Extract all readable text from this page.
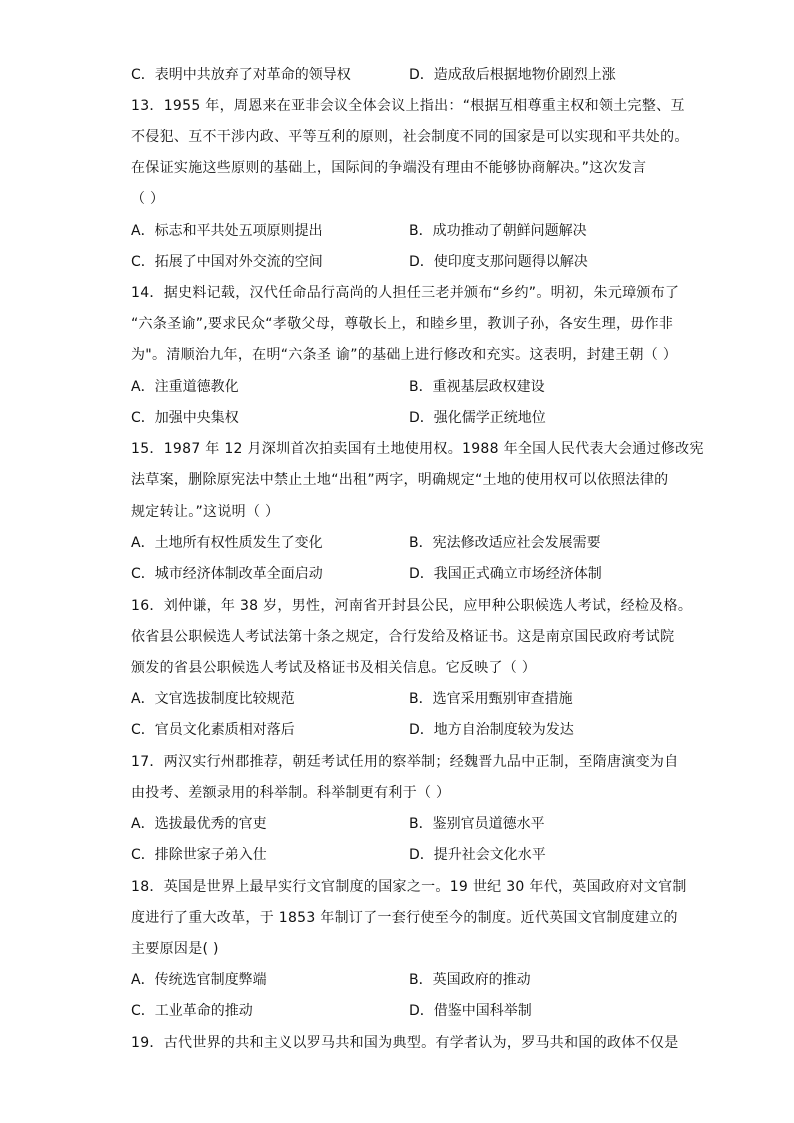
C．表明中共放弃了对革命的领导权	D．造成敌后根据地物价剧烈上涨
13．1955 年，周恩来在亚非会议全体会议上指出：“根据互相尊重主权和领土完整、互
不侵犯、互不干涉内政、平等互利的原则，社会制度不同的国家是可以实现和平共处的。
在保证实施这些原则的基础上，国际间的争端没有理由不能够协商解决。”这次发言
（ ）
A．标志和平共处五项原则提出	B．成功推动了朝鲜问题解决
C．拓展了中国对外交流的空间	D．使印度支那问题得以解决
14．据史料记载，汉代任命品行高尚的人担任三老并颁布“乡约”。明初，朱元璋颁布了
“六条圣谕”,要求民众“孝敬父母，尊敬长上，和睦乡里，教训子孙，各安生理，毋作非
为"。清顺治九年，在明“六条圣 谕”的基础上进行修改和充实。这表明，封建王朝（ ）
A．注重道德教化	B．重视基层政权建设
C．加强中央集权	D．强化儒学正统地位
15．1987 年 12 月深圳首次拍卖国有土地使用权。1988 年全国人民代表大会通过修改宪
法草案，删除原宪法中禁止土地“出租”两字，明确规定“土地的使用权可以依照法律的
规定转让。”这说明（ ）
A．土地所有权性质发生了变化	B．宪法修改适应社会发展需要
C．城市经济体制改革全面启动	D．我国正式确立市场经济体制
16．刘仲谦，年 38 岁，男性，河南省开封县公民，应甲种公职候选人考试，经检及格。
依省县公职候选人考试法第十条之规定，合行发给及格证书。这是南京国民政府考试院
颁发的省县公职候选人考试及格证书及相关信息。它反映了（ ）
A．文官选拔制度比较规范	B．选官采用甄别审查措施
C．官员文化素质相对落后	D．地方自治制度较为发达
17．两汉实行州郡推荐，朝廷考试任用的察举制；经魏晋九品中正制，至隋唐演变为自
由投考、差额录用的科举制。科举制更有利于（ ）
A．选拔最优秀的官吏	B．鉴别官员道德水平
C．排除世家子弟入仕	D．提升社会文化水平
18．英国是世界上最早实行文官制度的国家之一。19 世纪 30 年代，英国政府对文官制
度进行了重大改革，于 1853 年制订了一套行使至今的制度。近代英国文官制度建立的
主要原因是( )
A．传统选官制度弊端	B．英国政府的推动
C．工业革命的推动	D．借鉴中国科举制
19．古代世界的共和主义以罗马共和国为典型。有学者认为，罗马共和国的政体不仅是
